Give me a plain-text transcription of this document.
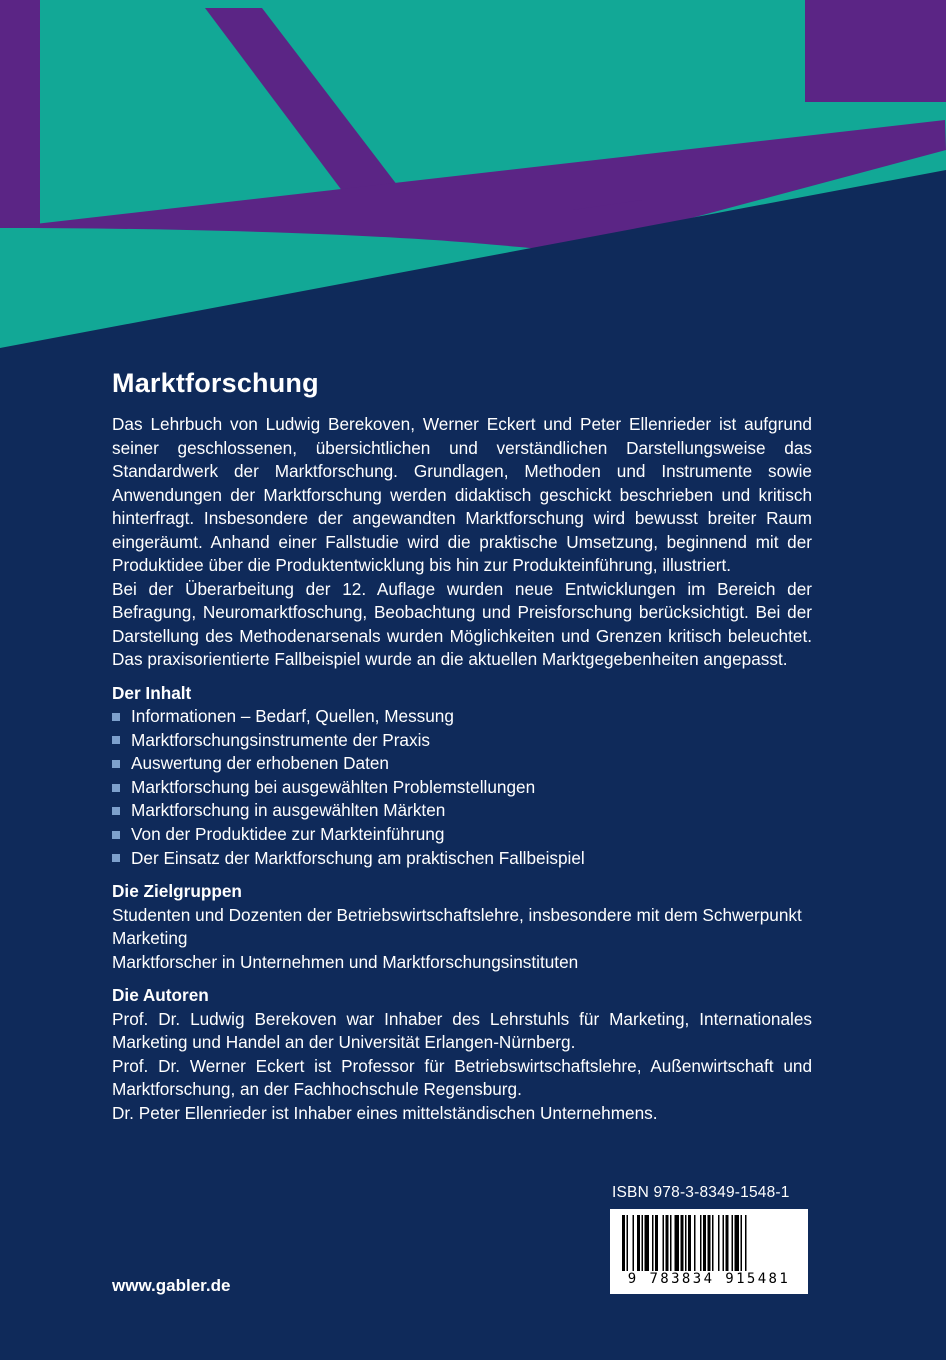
Marktforschung

Das Lehrbuch von Ludwig Berekoven, Werner Eckert und Peter Ellenrieder ist aufgrund seiner geschlossenen, übersichtlichen und verständlichen Darstellungsweise das Standardwerk der Marktforschung. Grundlagen, Methoden und Instrumente sowie Anwendungen der Marktforschung werden didaktisch geschickt beschrieben und kritisch hinterfragt. Insbesondere der angewandten Marktforschung wird bewusst breiter Raum eingeräumt. Anhand einer Fallstudie wird die praktische Umsetzung, beginnend mit der Produktidee über die Produktentwicklung bis hin zur Produkteinführung, illustriert.

Bei der Überarbeitung der 12. Auflage wurden neue Entwicklungen im Bereich der Befragung, Neuromarktfoschung, Beobachtung und Preisforschung berücksichtigt. Bei der Darstellung des Methodenarsenals wurden Möglichkeiten und Grenzen kritisch beleuchtet. Das praxisorientierte Fallbeispiel wurde an die aktuellen Marktgegebenheiten angepasst.

Der Inhalt
Informationen – Bedarf, Quellen, Messung
Marktforschungsinstrumente der Praxis
Auswertung der erhobenen Daten
Marktforschung bei ausgewählten Problemstellungen
Marktforschung in ausgewählten Märkten
Von der Produktidee zur Markteinführung
Der Einsatz der Marktforschung am praktischen Fallbeispiel
Die Zielgruppen
Studenten und Dozenten der Betriebswirtschaftslehre, insbesondere mit dem Schwerpunkt Marketing
Marktforscher in Unternehmen und Marktforschungsinstituten
Die Autoren
Prof. Dr. Ludwig Berekoven war Inhaber des Lehrstuhls für Marketing, Internationales Marketing und Handel an der Universität Erlangen-Nürnberg.
Prof. Dr. Werner Eckert ist Professor für Betriebswirtschaftslehre, Außenwirtschaft und Marktforschung, an der Fachhochschule Regensburg.
Dr. Peter Ellenrieder ist Inhaber eines mittelständischen Unternehmens.
ISBN 978-3-8349-1548-1
9 783834 915481
www.gabler.de
